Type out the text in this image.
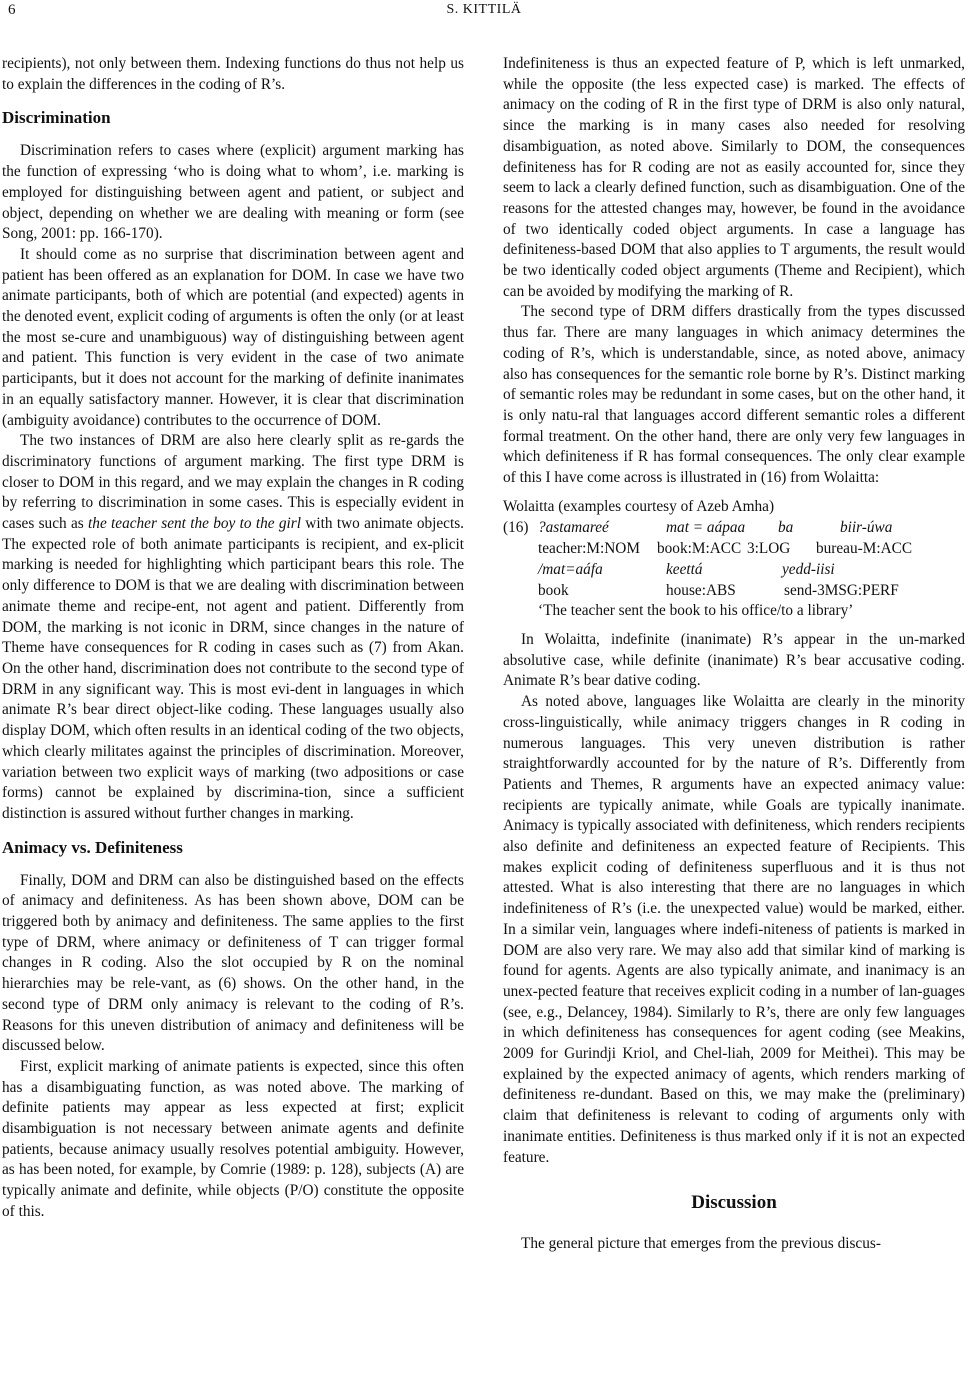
6	S. KITTILÄ

recipients), not only between them. Indexing functions do thus not help us to explain the differences in the coding of R’s.

Discrimination

Discrimination refers to cases where (explicit) argument marking has the function of expressing ‘who is doing what to whom’, i.e. marking is employed for distinguishing between agent and patient, or subject and object, depending on whether we are dealing with meaning or form (see Song, 2001: pp. 166-170).

It should come as no surprise that discrimination between agent and patient has been offered as an explanation for DOM. In case we have two animate participants, both of which are potential (and expected) agents in the denoted event, explicit coding of arguments is often the only (or at least the most se-cure and unambiguous) way of distinguishing between agent and patient. This function is very evident in the case of two animate participants, but it does not account for the marking of definite inanimates in an equally satisfactory manner. However, it is clear that discrimination (ambiguity avoidance) contributes to the occurrence of DOM.

The two instances of DRM are also here clearly split as re-gards the discriminatory functions of argument marking. The first type DRM is closer to DOM in this regard, and we may explain the changes in R coding by referring to discrimination in some cases. This is especially evident in cases such as the teacher sent the boy to the girl with two animate objects. The expected role of both animate participants is recipient, and ex-plicit marking is needed for highlighting which participant bears this role. The only difference to DOM is that we are dealing with discrimination between animate theme and recipe-ent, not agent and patient. Differently from DOM, the marking is not iconic in DRM, since changes in the nature of Theme have consequences for R coding in cases such as (7) from Akan. On the other hand, discrimination does not contribute to the second type of DRM in any significant way. This is most evi-dent in languages in which animate R’s bear direct object-like coding. These languages usually also display DOM, which often results in an identical coding of the two objects, which clearly militates against the principles of discrimination. Moreover, variation between two explicit ways of marking (two adpositions or case forms) cannot be explained by discrimina-tion, since a sufficient distinction is assured without further changes in marking.

Animacy vs. Definiteness

Finally, DOM and DRM can also be distinguished based on the effects of animacy and definiteness. As has been shown above, DOM can be triggered both by animacy and definiteness. The same applies to the first type of DRM, where animacy or definiteness of T can trigger formal changes in R coding. Also the slot occupied by R on the nominal hierarchies may be rele-vant, as (6) shows. On the other hand, in the second type of DRM only animacy is relevant to the coding of R’s. Reasons for this uneven distribution of animacy and definiteness will be discussed below.

First, explicit marking of animate patients is expected, since this often has a disambiguating function, as was noted above. The marking of definite patients may appear as less expected at first; explicit disambiguation is not necessary between animate agents and definite patients, because animacy usually resolves potential ambiguity. However, as has been noted, for example, by Comrie (1989: p. 128), subjects (A) are typically animate and definite, while objects (P/O) constitute the opposite of this.

Indefiniteness is thus an expected feature of P, which is left unmarked, while the opposite (the less expected case) is marked. The effects of animacy on the coding of R in the first type of DRM is also only natural, since the marking is in many cases also needed for resolving disambiguation, as noted above. Similarly to DOM, the consequences definiteness has for R coding are not as easily accounted for, since they seem to lack a clearly defined function, such as disambiguation. One of the reasons for the attested changes may, however, be found in the avoidance of two identically coded object arguments. In case a language has definiteness-based DOM that also applies to T arguments, the result would be two identically coded object arguments (Theme and Recipient), which can be avoided by modifying the marking of R.

The second type of DRM differs drastically from the types discussed thus far. There are many languages in which animacy determines the coding of R’s, which is understandable, since, as noted above, animacy also has consequences for the semantic role borne by R’s. Distinct marking of semantic roles may be redundant in some cases, but on the other hand, it is only natu-ral that languages accord different semantic roles a different formal treatment. On the other hand, there are only very few languages in which definiteness if R has formal consequences. The only clear example of this I have come across is illustrated in (16) from Wolaitta:

Wolaitta (examples courtesy of Azeb Amha)
(16) ?astamareé	mat = aápaa	ba	biir-úwa
teacher:M:NOM	book:M:ACC 3:LOG	bureau-M:ACC
/mat=aáfa	keettá	yedd-iisi
book	house:ABS	send-3MSG:PERF
‘The teacher sent the book to his office/to a library’

In Wolaitta, indefinite (inanimate) R’s appear in the un-marked absolutive case, while definite (inanimate) R’s bear accusative coding. Animate R’s bear dative coding.

As noted above, languages like Wolaitta are clearly in the minority cross-linguistically, while animacy triggers changes in R coding in numerous languages. This very uneven distribution is rather straightforwardly accounted for by the nature of R’s. Differently from Patients and Themes, R arguments have an expected animacy value: recipients are typically animate, while Goals are typically inanimate. Animacy is typically associated with definiteness, which renders recipients also definite and definiteness an expected feature of Recipients. This makes explicit coding of definiteness superfluous and it is thus not attested. What is also interesting that there are no languages in which indefiniteness of R’s (i.e. the unexpected value) would be marked, either. In a similar vein, languages where indefi-niteness of patients is marked in DOM are also very rare. We may also add that similar kind of marking is found for agents. Agents are also typically animate, and inanimacy is an unex-pected feature that receives explicit coding in a number of lan-guages (see, e.g., Delancey, 1984). Similarly to R’s, there are only few languages in which definiteness has consequences for agent coding (see Meakins, 2009 for Gurindji Kriol, and Chel-liah, 2009 for Meithei). This may be explained by the expected animacy of agents, which renders marking of definiteness re-dundant. Based on this, we may make the (preliminary) claim that definiteness is relevant to coding of arguments only with inanimate entities. Definiteness is thus marked only if it is not an expected feature.

Discussion

The general picture that emerges from the previous discus-
